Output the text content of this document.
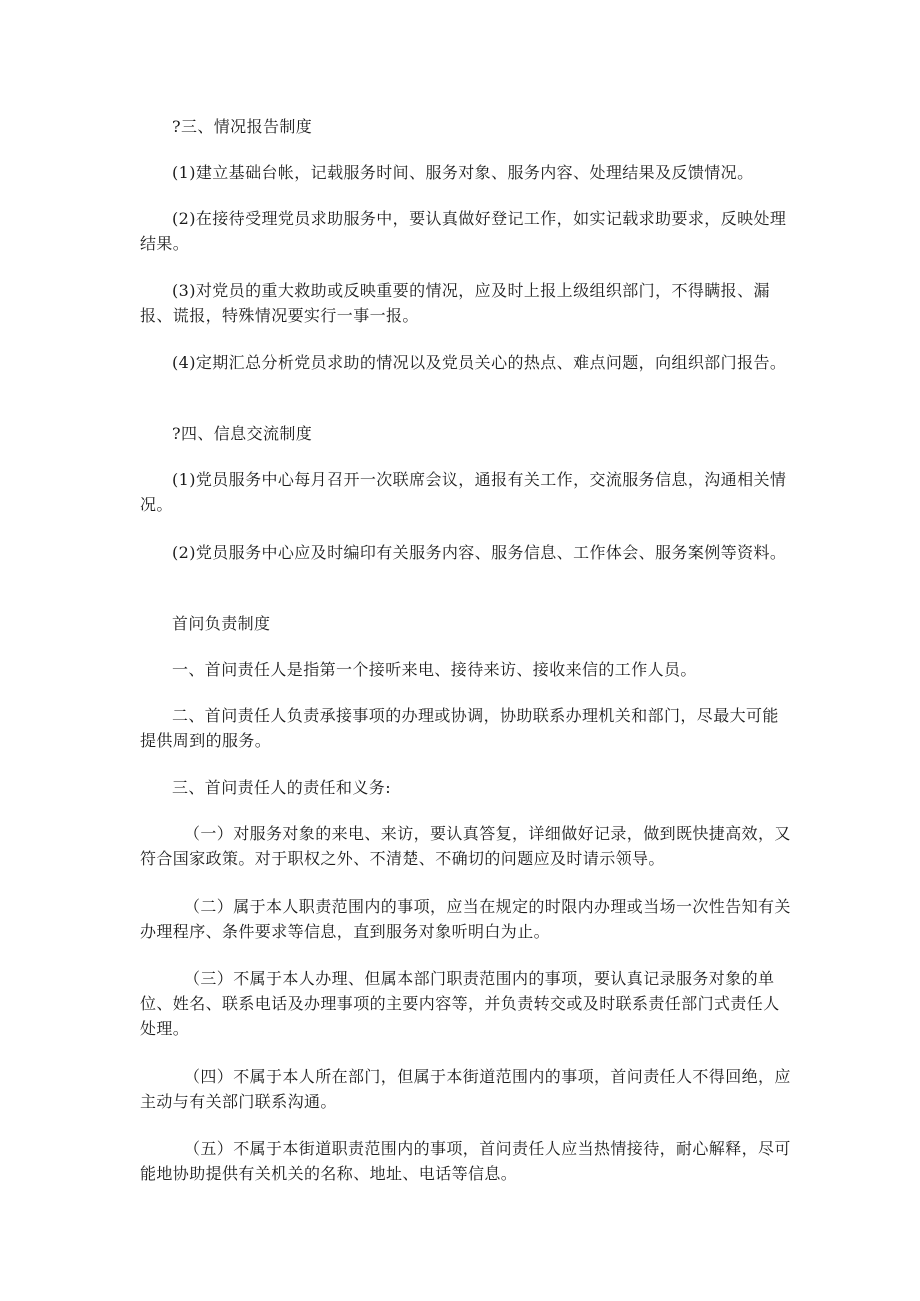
?三、情况报告制度
(1)建立基础台帐，记载服务时间、服务对象、服务内容、处理结果及反馈情况。
(2)在接待受理党员求助服务中，要认真做好登记工作，如实记载求助要求，反映处理结果。
(3)对党员的重大救助或反映重要的情况，应及时上报上级组织部门，不得瞒报、漏报、谎报，特殊情况要实行一事一报。
(4)定期汇总分析党员求助的情况以及党员关心的热点、难点问题，向组织部门报告。
?四、信息交流制度
(1)党员服务中心每月召开一次联席会议，通报有关工作，交流服务信息，沟通相关情况。
(2)党员服务中心应及时编印有关服务内容、服务信息、工作体会、服务案例等资料。
首问负责制度
一、首问责任人是指第一个接听来电、接待来访、接收来信的工作人员。
二、首问责任人负责承接事项的办理或协调，协助联系办理机关和部门，尽最大可能提供周到的服务。
三、首问责任人的责任和义务:
（一）对服务对象的来电、来访，要认真答复，详细做好记录，做到既快捷高效，又符合国家政策。对于职权之外、不清楚、不确切的问题应及时请示领导。
（二）属于本人职责范围内的事项，应当在规定的时限内办理或当场一次性告知有关办理程序、条件要求等信息，直到服务对象听明白为止。
（三）不属于本人办理、但属本部门职责范围内的事项，要认真记录服务对象的单位、姓名、联系电话及办理事项的主要内容等，并负责转交或及时联系责任部门式责任人处理。
（四）不属于本人所在部门，但属于本街道范围内的事项，首问责任人不得回绝，应主动与有关部门联系沟通。
（五）不属于本街道职责范围内的事项，首问责任人应当热情接待，耐心解释，尽可能地协助提供有关机关的名称、地址、电话等信息。
